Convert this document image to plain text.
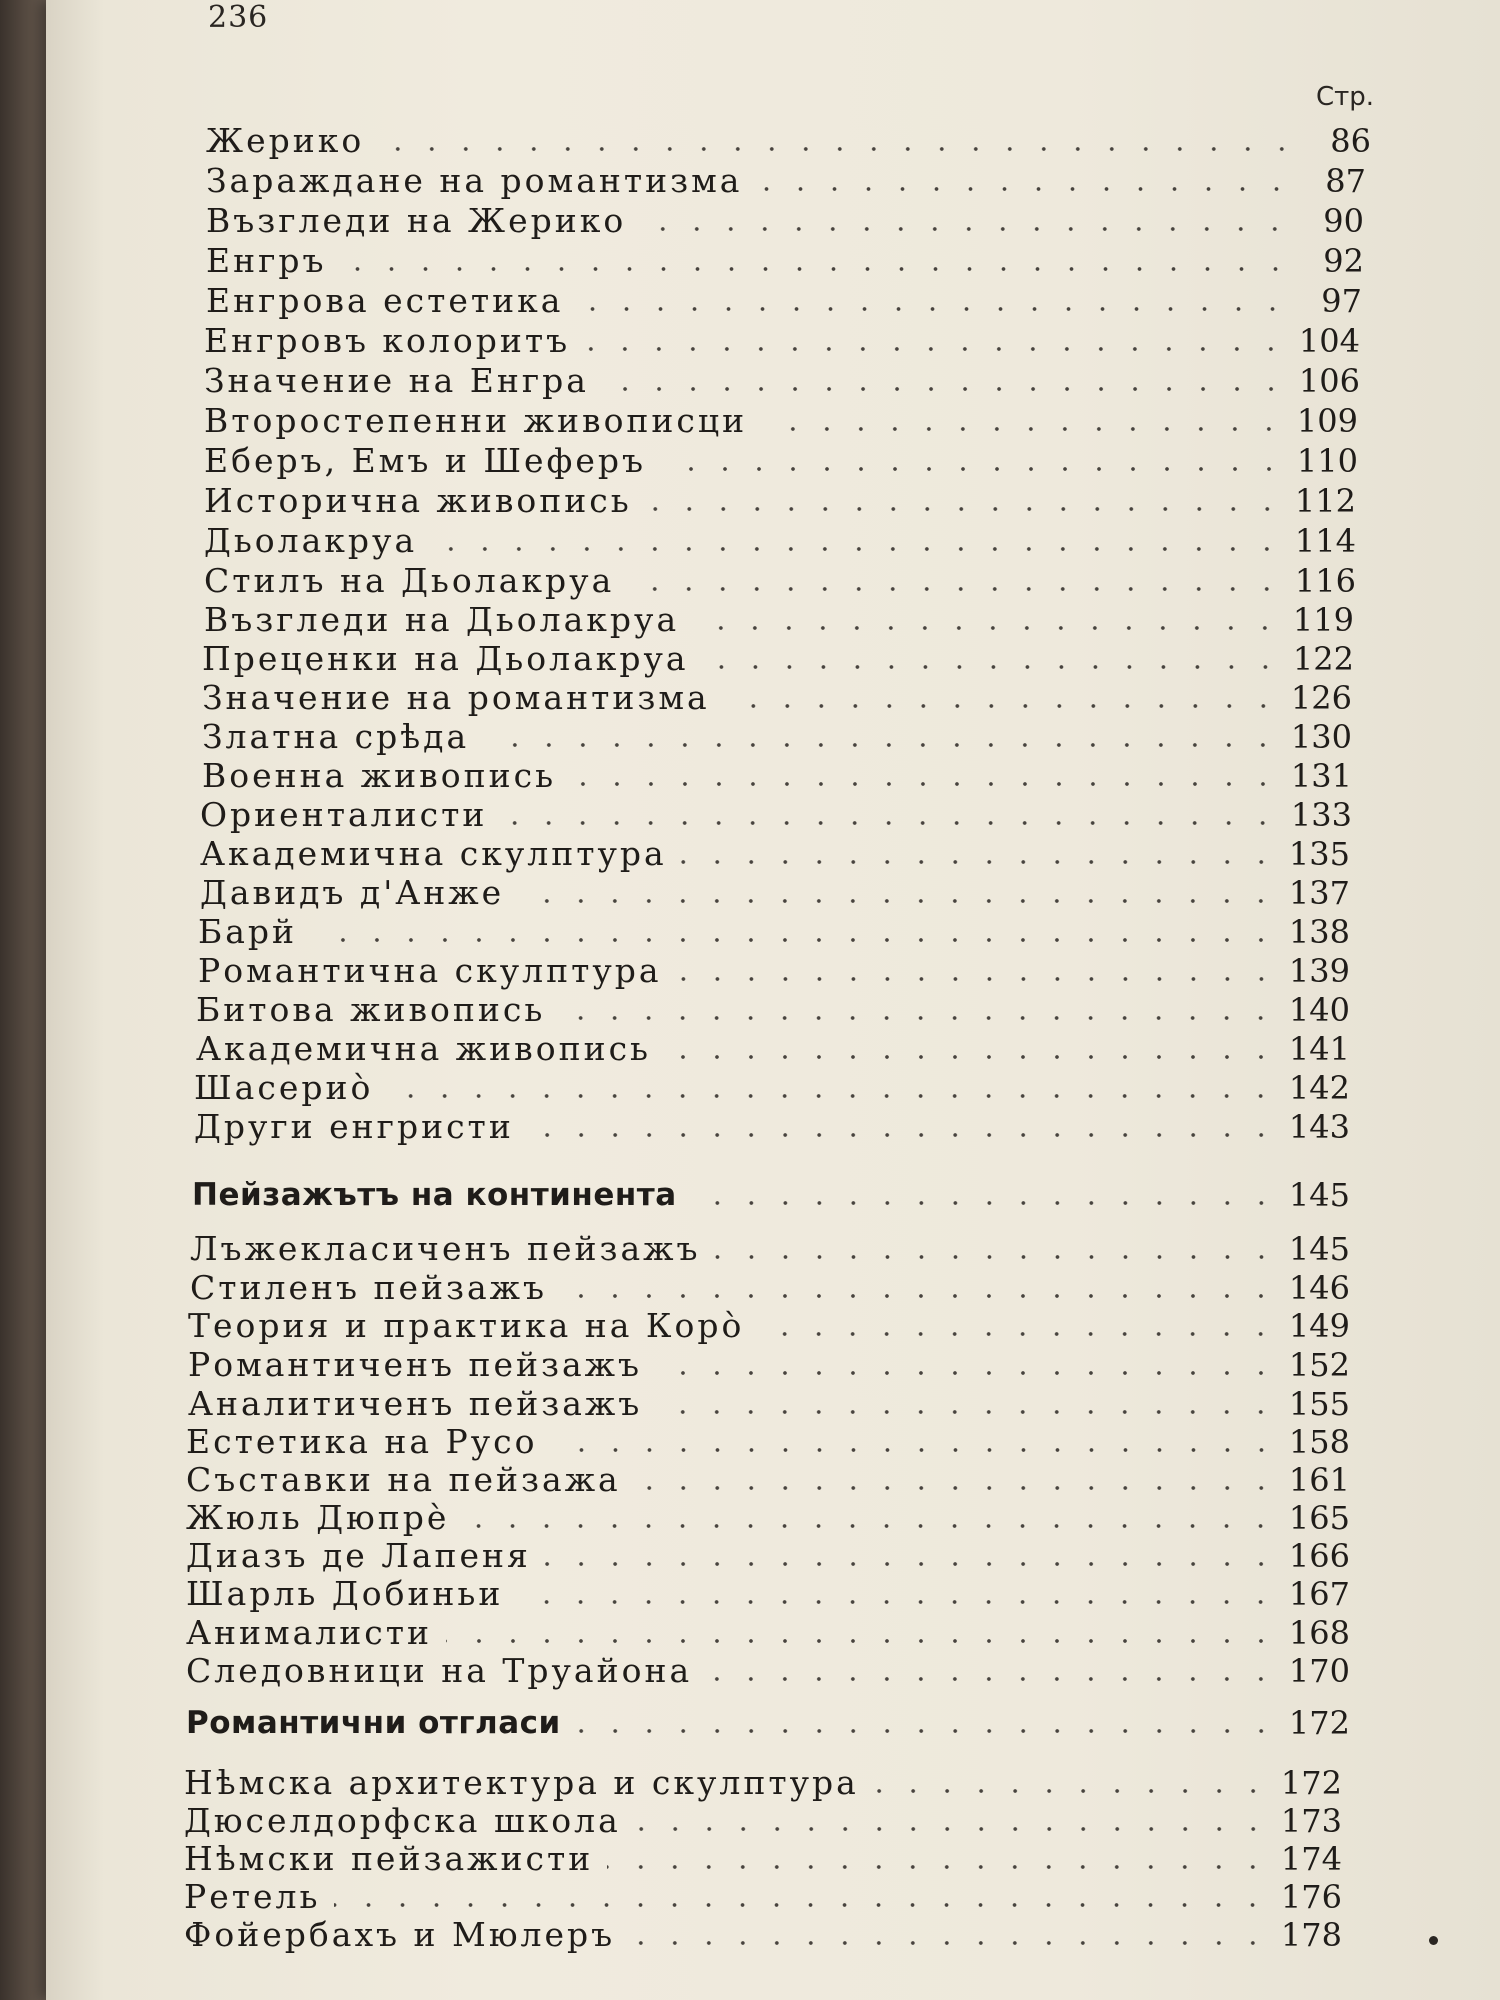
236
Стр.
Жерико	86
Зараждане на романтизма	87
Възгледи на Жерико	90
Енгръ	92
Енгрова естетика	97
Енгровъ колоритъ	104
Значение на Енгра	106
Второстепенни живописци	109
Еберъ, Емъ и Шеферъ	110
Исторична живопись	112
Дьолакруа	114
Стилъ на Дьолакруа	116
Възгледи на Дьолакруа	119
Преценки на Дьолакруа	122
Значение на романтизма	126
Златна срѣда	130
Военна живопись	131
Ориенталисти	133
Академична скулптура	135
Давидъ д'Анже	137
Барй	138
Романтична скулптура	139
Битова живопись	140
Академична живопись	141
Шасериò	142
Други енгристи	143
Пейзажътъ на континента	145
Лъжекласиченъ пейзажъ	145
Стиленъ пейзажъ	146
Теория и практика на Корò	149
Романтиченъ пейзажъ	152
Аналитиченъ пейзажъ	155
Естетика на Русо	158
Съставки на пейзажа	161
Жюль Дюпрè	165
Диазъ де Лапеня	166
Шарль Добиньи	167
Анималисти	168
Следовници на Труайона	170
Романтични отгласи	172
Нѣмска архитектура и скулптура	172
Дюселдорфска школа	173
Нѣмски пейзажисти	174
Ретель	176
Фойербахъ и Мюлеръ	178
